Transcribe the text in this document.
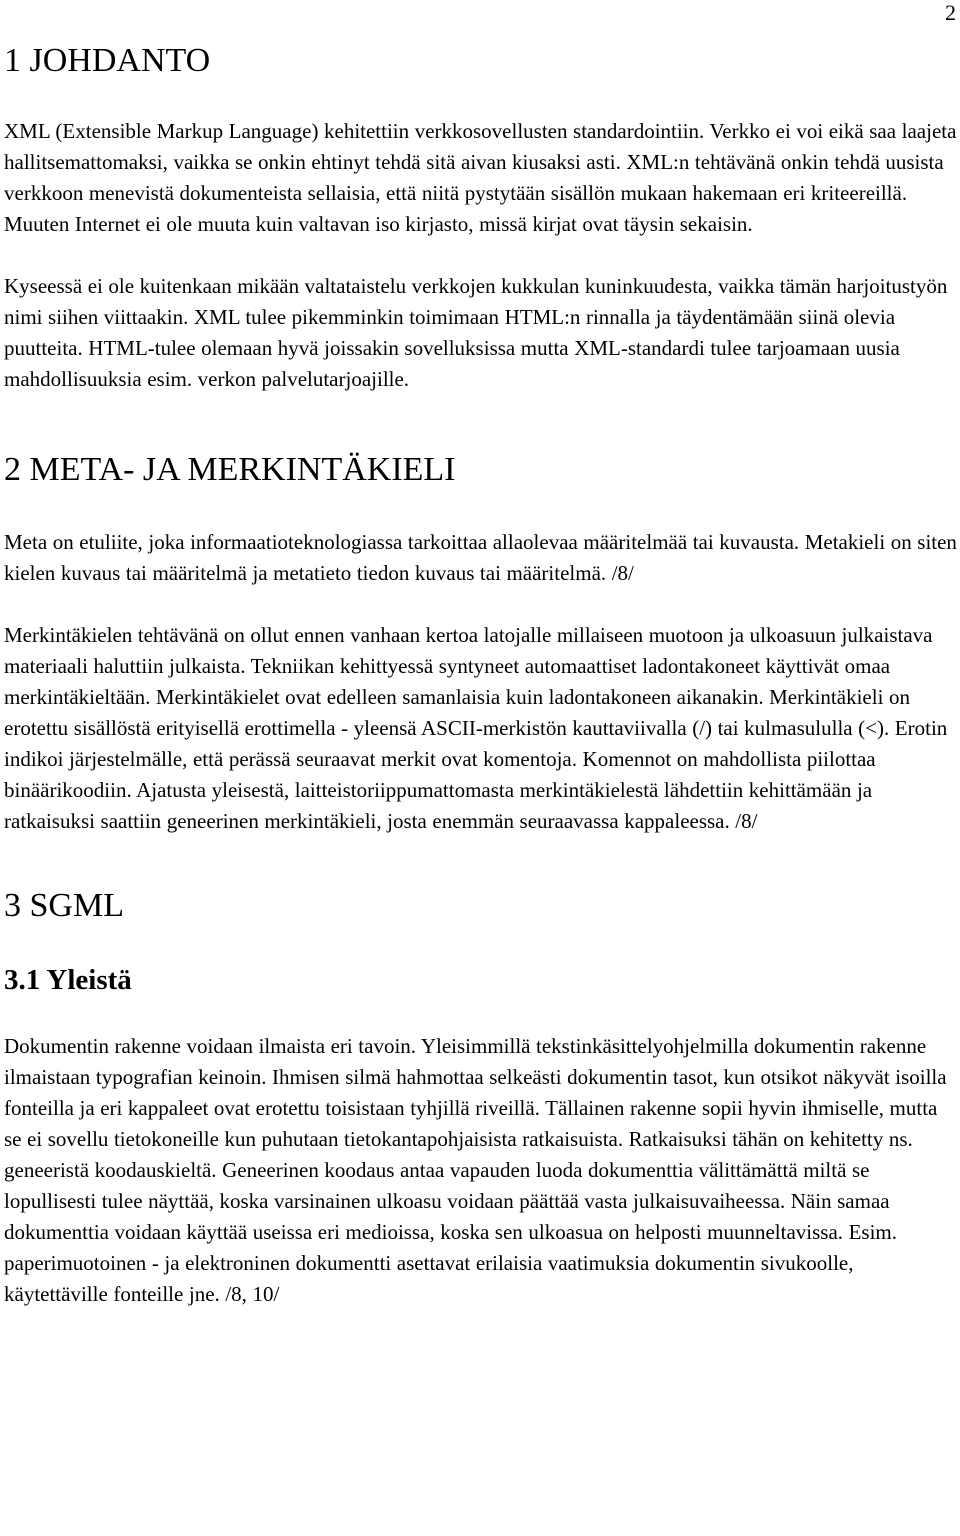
2
1 JOHDANTO

XML (Extensible Markup Language) kehitettiin verkkosovellusten standardointiin. Verkko ei voi eikä saa laajeta hallitsemattomaksi, vaikka se onkin ehtinyt tehdä sitä aivan kiusaksi asti. XML:n tehtävänä onkin tehdä uusista verkkoon menevistä dokumenteista sellaisia, että niitä pystytään sisällön mukaan hakemaan eri kriteereillä. Muuten Internet ei ole muuta kuin valtavan iso kirjasto, missä kirjat ovat täysin sekaisin.

Kyseessä ei ole kuitenkaan mikään valtataistelu verkkojen kukkulan kuninkuudesta, vaikka tämän harjoitustyön nimi siihen viittaakin. XML tulee pikemminkin toimimaan HTML:n rinnalla ja täydentämään siinä olevia puutteita. HTML-tulee olemaan hyvä joissakin sovelluksissa mutta XML-standardi tulee tarjoamaan uusia mahdollisuuksia esim. verkon palvelutarjoajille.

2 META- JA MERKINTÄKIELI

Meta on etuliite, joka informaatioteknologiassa tarkoittaa allaolevaa määritelmää tai kuvausta. Metakieli on siten kielen kuvaus tai määritelmä ja metatieto tiedon kuvaus tai määritelmä. /8/

Merkintäkielen tehtävänä on ollut ennen vanhaan kertoa latojalle millaiseen muotoon ja ulkoasuun julkaistava materiaali haluttiin julkaista. Tekniikan kehittyessä syntyneet automaattiset ladontakoneet käyttivät omaa merkintäkieltään. Merkintäkielet ovat edelleen samanlaisia kuin ladontakoneen aikanakin. Merkintäkieli on erotettu sisällöstä erityisellä erottimella - yleensä ASCII-merkistön kauttaviivalla (/) tai kulmasululla (<). Erotin indikoi järjestelmälle, että perässä seuraavat merkit ovat komentoja. Komennot on mahdollista piilottaa binäärikoodiin. Ajatusta yleisestä, laitteistoriippumattomasta merkintäkielestä lähdettiin kehittämään ja ratkaisuksi saattiin geneerinen merkintäkieli, josta enemmän seuraavassa kappaleessa. /8/

3 SGML
3.1 Yleistä

Dokumentin rakenne voidaan ilmaista eri tavoin. Yleisimmillä tekstinkäsittelyohjelmilla dokumentin rakenne ilmaistaan typografian keinoin. Ihmisen silmä hahmottaa selkeästi dokumentin tasot, kun otsikot näkyvät isoilla fonteilla ja eri kappaleet ovat erotettu toisistaan tyhjillä riveillä. Tällainen rakenne sopii hyvin ihmiselle, mutta se ei sovellu tietokoneille kun puhutaan tietokantapohjaisista ratkaisuista. Ratkaisuksi tähän on kehitetty ns. geneeristä koodauskieltä. Geneerinen koodaus antaa vapauden luoda dokumenttia välittämättä miltä se lopullisesti tulee näyttää, koska varsinainen ulkoasu voidaan päättää vasta julkaisuvaiheessa. Näin samaa dokumenttia voidaan käyttää useissa eri medioissa, koska sen ulkoasua on helposti muunneltavissa. Esim. paperimuotoinen - ja elektroninen dokumentti asettavat erilaisia vaatimuksia dokumentin sivukoolle, käytettäville fonteille jne. /8, 10/
